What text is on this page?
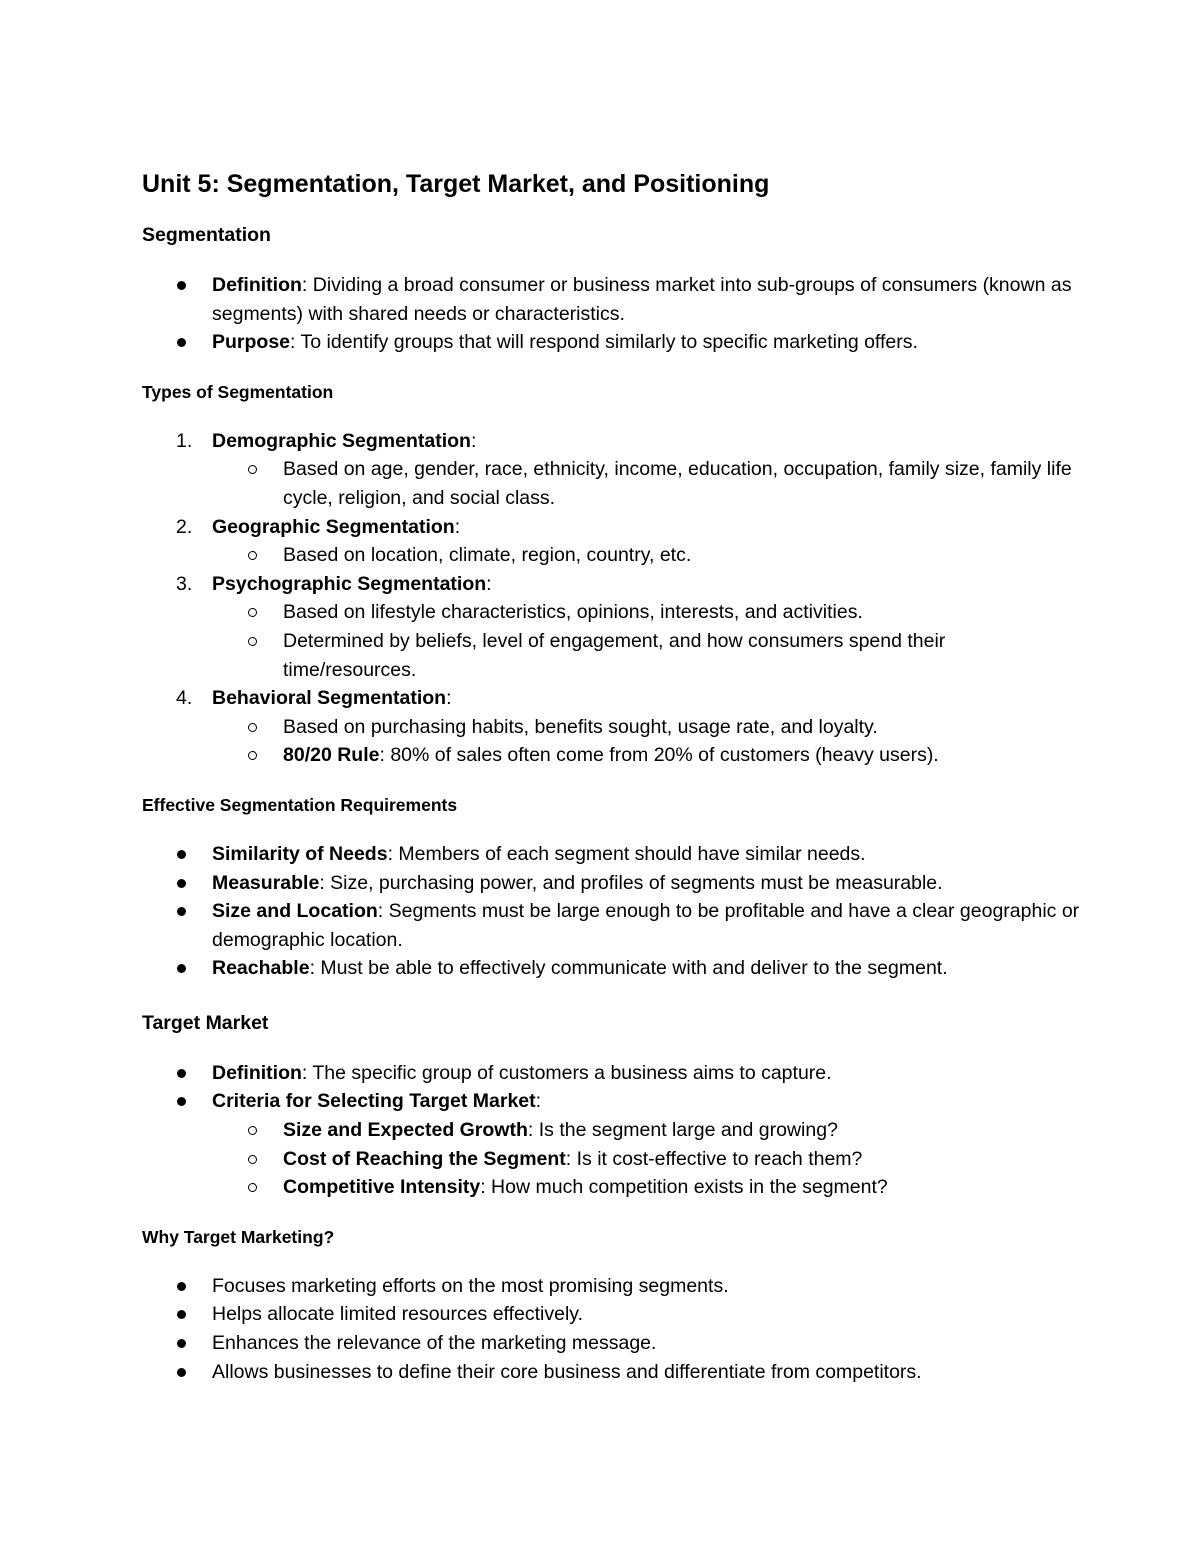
Unit 5: Segmentation, Target Market, and Positioning
Segmentation
Definition: Dividing a broad consumer or business market into sub-groups of consumers (known as segments) with shared needs or characteristics.
Purpose: To identify groups that will respond similarly to specific marketing offers.
Types of Segmentation
1. Demographic Segmentation:
Based on age, gender, race, ethnicity, income, education, occupation, family size, family life cycle, religion, and social class.
2. Geographic Segmentation:
Based on location, climate, region, country, etc.
3. Psychographic Segmentation:
Based on lifestyle characteristics, opinions, interests, and activities.
Determined by beliefs, level of engagement, and how consumers spend their time/resources.
4. Behavioral Segmentation:
Based on purchasing habits, benefits sought, usage rate, and loyalty.
80/20 Rule: 80% of sales often come from 20% of customers (heavy users).
Effective Segmentation Requirements
Similarity of Needs: Members of each segment should have similar needs.
Measurable: Size, purchasing power, and profiles of segments must be measurable.
Size and Location: Segments must be large enough to be profitable and have a clear geographic or demographic location.
Reachable: Must be able to effectively communicate with and deliver to the segment.
Target Market
Definition: The specific group of customers a business aims to capture.
Criteria for Selecting Target Market:
Size and Expected Growth: Is the segment large and growing?
Cost of Reaching the Segment: Is it cost-effective to reach them?
Competitive Intensity: How much competition exists in the segment?
Why Target Marketing?
Focuses marketing efforts on the most promising segments.
Helps allocate limited resources effectively.
Enhances the relevance of the marketing message.
Allows businesses to define their core business and differentiate from competitors.
